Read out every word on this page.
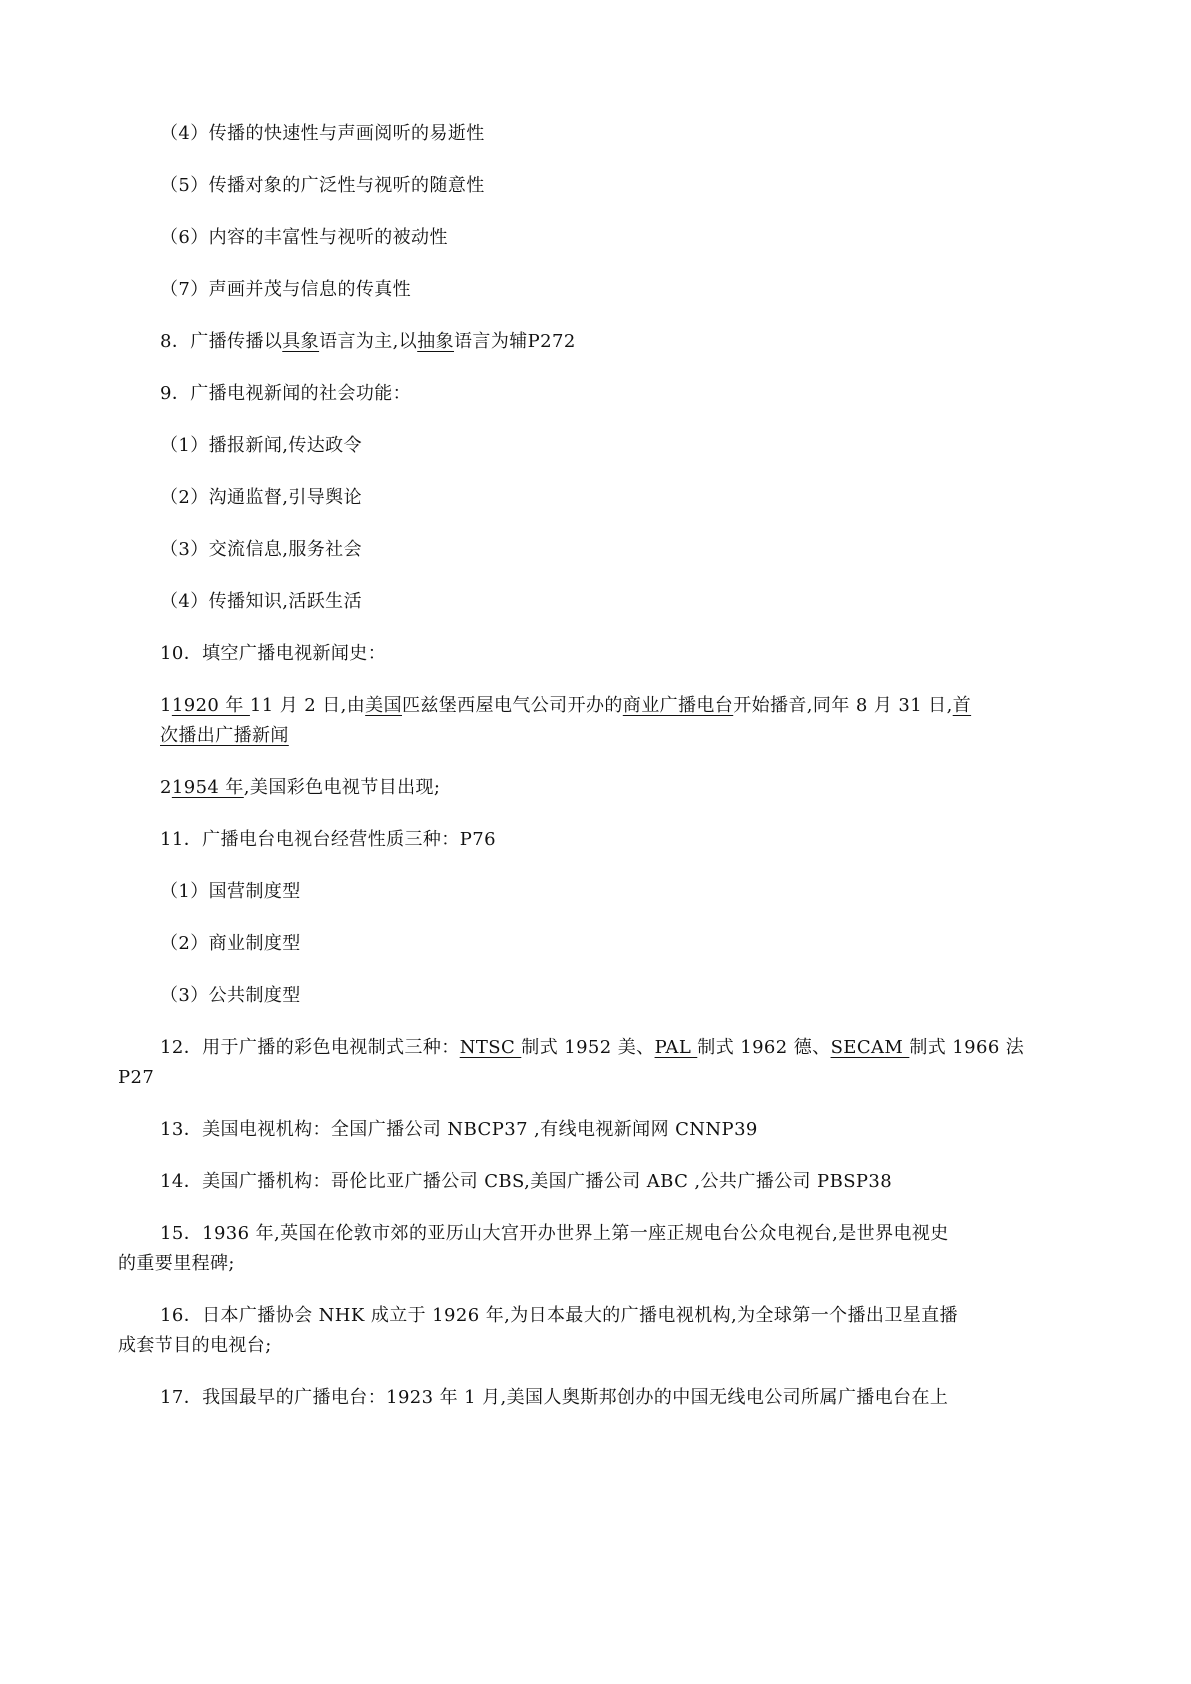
（4）传播的快速性与声画阅听的易逝性
（5）传播对象的广泛性与视听的随意性
（6）内容的丰富性与视听的被动性
（7）声画并茂与信息的传真性
8．广播传播以具象语言为主,以抽象语言为辅P272
9．广播电视新闻的社会功能：
（1）播报新闻,传达政令
（2）沟通监督,引导舆论
（3）交流信息,服务社会
（4）传播知识,活跃生活
10．填空广播电视新闻史：
11920 年 11 月 2 日,由美国匹兹堡西屋电气公司开办的商业广播电台开始播音,同年 8 月 31 日,首
次播出广播新闻
21954 年,美国彩色电视节目出现;
11．广播电台电视台经营性质三种：P76
（1）国营制度型
（2）商业制度型
（3）公共制度型
12．用于广播的彩色电视制式三种：NTSC 制式 1952 美、PAL 制式 1962 德、SECAM 制式 1966 法
P27
13．美国电视机构：全国广播公司 NBCP37 ,有线电视新闻网 CNNP39
14．美国广播机构：哥伦比亚广播公司 CBS,美国广播公司 ABC ,公共广播公司 PBSP38
15．1936 年,英国在伦敦市郊的亚历山大宫开办世界上第一座正规电台公众电视台,是世界电视史
的重要里程碑;
16．日本广播协会 NHK 成立于 1926 年,为日本最大的广播电视机构,为全球第一个播出卫星直播
成套节目的电视台;
17．我国最早的广播电台：1923 年 1 月,美国人奥斯邦创办的中国无线电公司所属广播电台在上
